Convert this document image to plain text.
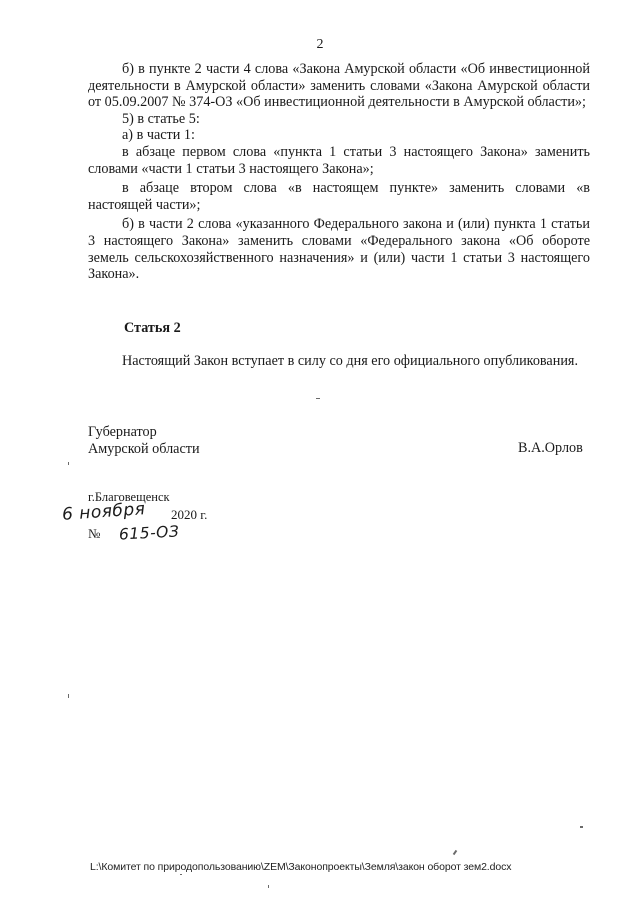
2

б) в пункте 2 части 4 слова «Закона Амурской области «Об инвестиционной деятельности в Амурской области» заменить словами «Закона Амурской области от 05.09.2007 № 374-ОЗ «Об инвестиционной деятельности в Амурской области»;

5) в статье 5:

а) в части 1:

в абзаце первом слова «пункта 1 статьи 3 настоящего Закона» заменить словами «части 1 статьи 3 настоящего Закона»;

в абзаце втором слова «в настоящем пункте» заменить словами «в настоящей части»;

б) в части 2 слова «указанного Федерального закона и (или) пункта 1 статьи 3 настоящего Закона» заменить словами «Федерального закона «Об обороте земель сельскохозяйственного назначения» и (или) части 1 статьи 3 настоящего Закона».

Статья 2

Настоящий Закон вступает в силу со дня его официального опубликования.

Губернатор
Амурской области	В.А.Орлов
г.Благовещенск
6 ноября 2020 г.
№ 615-ОЗ
L:\Комитет по природопользованию\ZEM\Законопроекты\Земля\закон оборот зем2.docx
